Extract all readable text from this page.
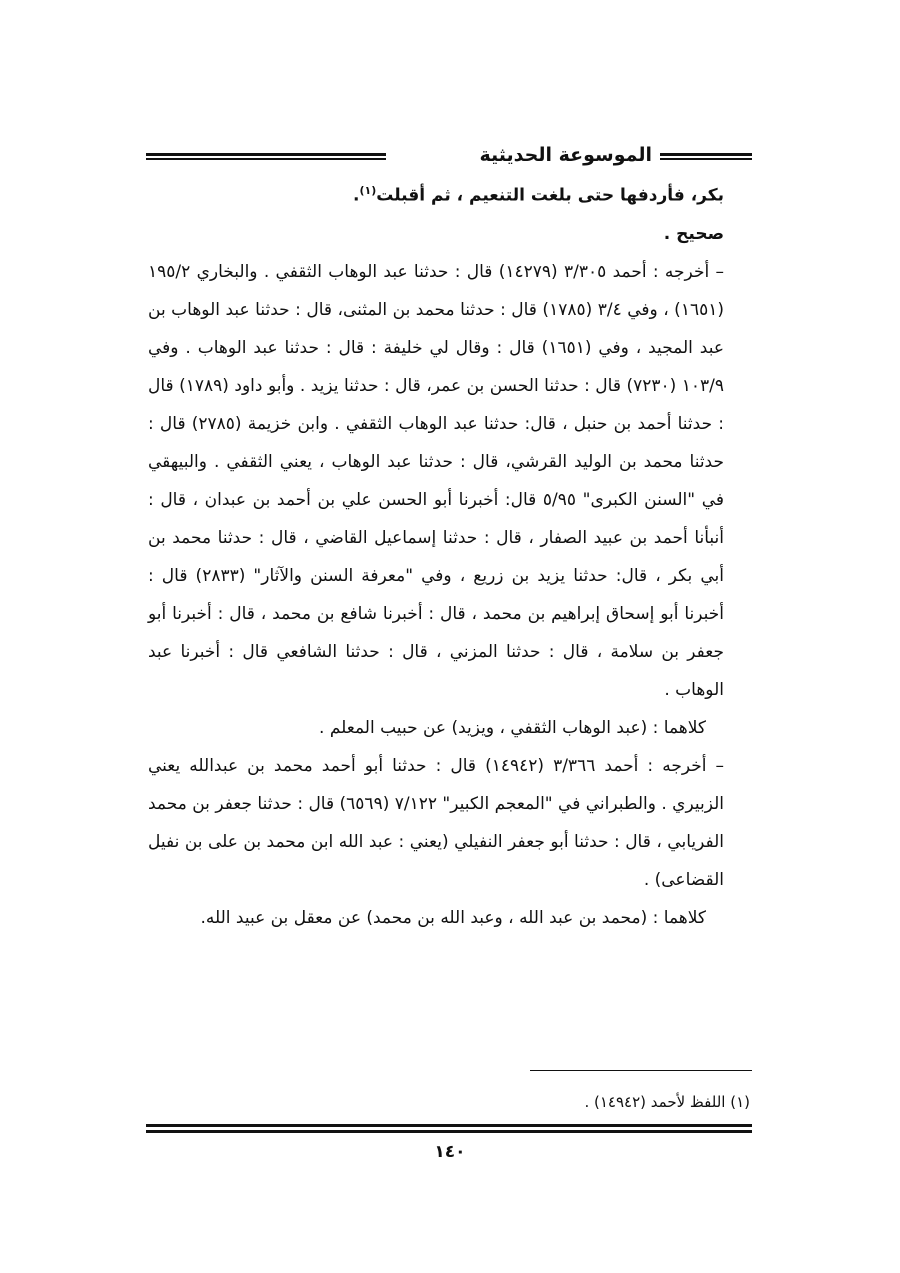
الموسوعة الحديثية

بكر، فأردفها حتى بلغت التنعيم ، ثم أقبلت$^{(١)}$.

صحيح .

– أخرجه : أحمد ٣/٣٠٥ (١٤٢٧٩) قال : حدثنا عبد الوهاب الثقفي . والبخاري ١٩٥/٢ (١٦٥١) ، وفي ٣/٤ (١٧٨٥) قال : حدثنا محمد بن المثنى، قال : حدثنا عبد الوهاب بن عبد المجيد ، وفي (١٦٥١) قال : وقال لي خليفة : قال : حدثنا عبد الوهاب . وفي ١٠٣/٩ (٧٢٣٠) قال : حدثنا الحسن بن عمر، قال : حدثنا يزيد . وأبو داود (١٧٨٩) قال : حدثنا أحمد بن حنبل ، قال: حدثنا عبد الوهاب الثقفي . وابن خزيمة (٢٧٨٥) قال : حدثنا محمد بن الوليد القرشي، قال : حدثنا عبد الوهاب ، يعني الثقفي . والبيهقي في "السنن الكبرى" ٥/٩٥ قال: أخبرنا أبو الحسن علي بن أحمد بن عبدان ، قال : أنبأنا أحمد بن عبيد الصفار ، قال : حدثنا إسماعيل القاضي ، قال : حدثنا محمد بن أبي بكر ، قال: حدثنا يزيد بن زريع ، وفي "معرفة السنن والآثار" (٢٨٣٣) قال : أخبرنا أبو إسحاق إبراهيم بن محمد ، قال : أخبرنا شافع بن محمد ، قال : أخبرنا أبو جعفر بن سلامة ، قال : حدثنا المزني ، قال : حدثنا الشافعي قال : أخبرنا عبد الوهاب .

كلاهما : (عبد الوهاب الثقفي ، ويزيد) عن حبيب المعلم .

– أخرجه : أحمد ٣/٣٦٦ (١٤٩٤٢) قال : حدثنا أبو أحمد محمد بن عبدالله يعني الزبيري . والطبراني في "المعجم الكبير" ٧/١٢٢ (٦٥٦٩) قال : حدثنا جعفر بن محمد الفريابي ، قال : حدثنا أبو جعفر النفيلي (يعني : عبد الله ابن محمد بن على بن نفيل القضاعى) .

كلاهما : (محمد بن عبد الله ، وعبد الله بن محمد) عن معقل بن عبيد الله.

(١) اللفظ لأحمد (١٤٩٤٢) .
١٤٠
